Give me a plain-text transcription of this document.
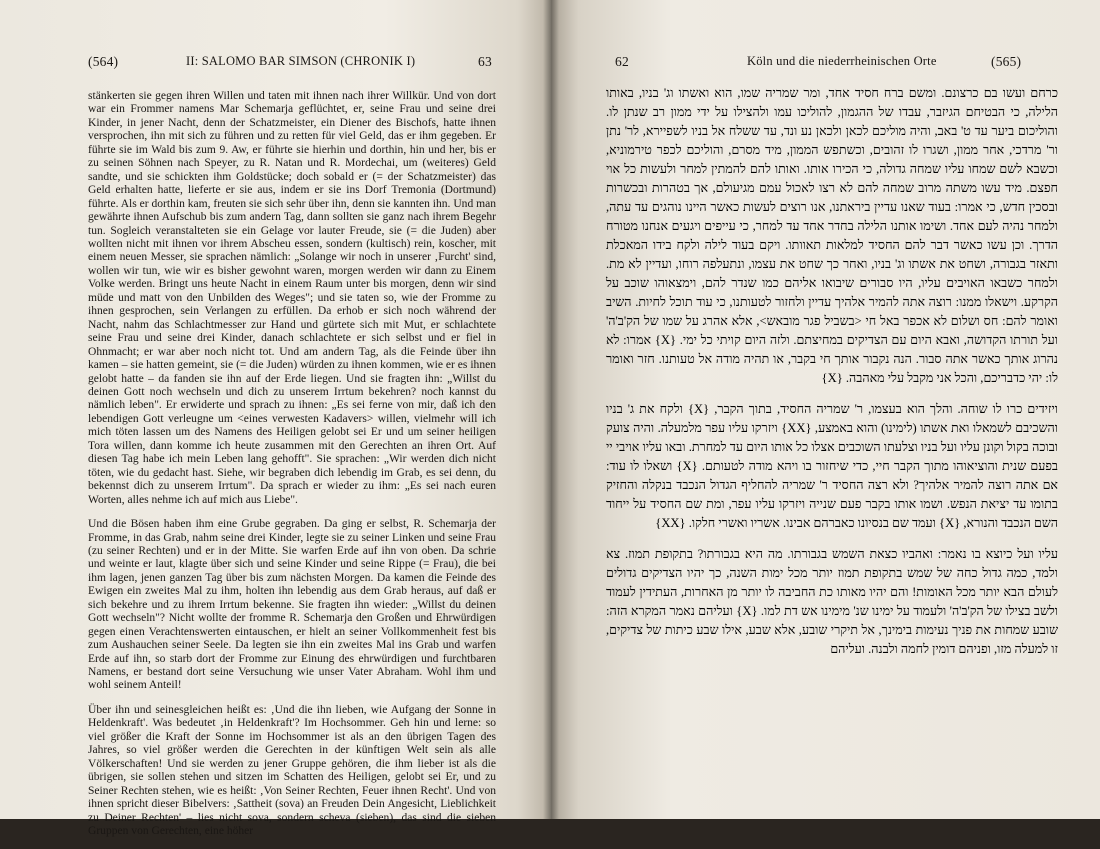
(564)	II: SALOMO BAR SIMSON (CHRONIK I)	63

stänkerten sie gegen ihren Willen und taten mit ihnen nach ihrer Willkür. Und von dort war ein Frommer namens Mar Schemarja geflüchtet, er, seine Frau und seine drei Kinder, in jener Nacht, denn der Schatzmeister, ein Diener des Bischofs, hatte ihnen versprochen, ihn mit sich zu führen und zu retten für viel Geld, das er ihm gegeben. Er führte sie im Wald bis zum 9. Aw, er führte sie hierhin und dorthin, hin und her, bis er zu seinen Söhnen nach Speyer, zu R. Natan und R. Mordechai, um (weiteres) Geld sandte, und sie schickten ihm Goldstücke; doch sobald er (= der Schatzmeister) das Geld erhalten hatte, lieferte er sie aus, indem er sie ins Dorf Tremonia (Dortmund) führte. Als er dorthin kam, freuten sie sich sehr über ihn, denn sie kannten ihn. Und man gewährte ihnen Aufschub bis zum andern Tag, dann sollten sie ganz nach ihrem Begehr tun. Sogleich veranstalteten sie ein Gelage vor lauter Freude, sie (= die Juden) aber wollten nicht mit ihnen vor ihrem Abscheu essen, sondern (kultisch) rein, koscher, mit einem neuen Messer, sie sprachen nämlich: „Solange wir noch in unserer ‚Furcht' sind, wollen wir tun, wie wir es bisher gewohnt waren, morgen werden wir dann zu Einem Volke werden. Bringt uns heute Nacht in einem Raum unter bis morgen, denn wir sind müde und matt von den Unbilden des Weges"; und sie taten so, wie der Fromme zu ihnen gesprochen, sein Verlangen zu erfüllen. Da erhob er sich noch während der Nacht, nahm das Schlachtmesser zur Hand und gürtete sich mit Mut, er schlachtete seine Frau und seine drei Kinder, danach schlachtete er sich selbst und er fiel in Ohnmacht; er war aber noch nicht tot. Und am andern Tag, als die Feinde über ihn kamen – sie hatten gemeint, sie (= die Juden) würden zu ihnen kommen, wie er es ihnen gelobt hatte – da fanden sie ihn auf der Erde liegen. Und sie fragten ihn: „Willst du deinen Gott noch wechseln und dich zu unserem Irrtum bekehren? noch kannst du nämlich leben". Er erwiderte und sprach zu ihnen: „Es sei ferne von mir, daß ich den lebendigen Gott verleugne um <eines verwesten Kadavers> willen, vielmehr will ich mich töten lassen um des Namens des Heiligen gelobt sei Er und um seiner heiligen Tora willen, dann komme ich heute zusammen mit den Gerechten an ihren Ort. Auf diesen Tag habe ich mein Leben lang gehofft". Sie sprachen: „Wir werden dich nicht töten, wie du gedacht hast. Siehe, wir begraben dich lebendig im Grab, es sei denn, du bekennst dich zu unserem Irrtum". Da sprach er wieder zu ihm: „Es sei nach euren Worten, alles nehme ich auf mich aus Liebe".

Und die Bösen haben ihm eine Grube gegraben. Da ging er selbst, R. Schemarja der Fromme, in das Grab, nahm seine drei Kinder, legte sie zu seiner Linken und seine Frau (zu seiner Rechten) und er in der Mitte. Sie warfen Erde auf ihn von oben. Da schrie und weinte er laut, klagte über sich und seine Kinder und seine Rippe (= Frau), die bei ihm lagen, jenen ganzen Tag über bis zum nächsten Morgen. Da kamen die Feinde des Ewigen ein zweites Mal zu ihm, holten ihn lebendig aus dem Grab heraus, auf daß er sich bekehre und zu ihrem Irrtum bekenne. Sie fragten ihn wieder: „Willst du deinen Gott wechseln"? Nicht wollte der fromme R. Schemarja den Großen und Ehrwürdigen gegen einen Verachtenswerten eintauschen, er hielt an seiner Vollkommenheit fest bis zum Aushauchen seiner Seele. Da legten sie ihn ein zweites Mal ins Grab und warfen Erde auf ihn, so starb dort der Fromme zur Einung des ehrwürdigen und furchtbaren Namens, er bestand dort seine Versuchung wie unser Vater Abraham. Wohl ihm und wohl seinem Anteil!

Über ihn und seinesgleichen heißt es: ‚Und die ihn lieben, wie Aufgang der Sonne in Heldenkraft'. Was bedeutet ‚in Heldenkraft'? Im Hochsommer. Geh hin und lerne: so viel größer die Kraft der Sonne im Hochsommer ist als an den übrigen Tagen des Jahres, so viel größer werden die Gerechten in der künftigen Welt sein als alle Völkerschaften! Und sie werden zu jener Gruppe gehören, die ihm lieber ist als die übrigen, sie sollen stehen und sitzen im Schatten des Heiligen, gelobt sei Er, und zu Seiner Rechten stehen, wie es heißt: ‚Von Seiner Rechten, Feuer ihnen Recht'. Und von ihnen spricht dieser Bibelvers: ‚Sattheit (sova) an Freuden Dein Angesicht, Lieblichkeit zu Deiner Rechten' – lies nicht sova, sondern scheva (sieben), das sind die sieben Gruppen von Gerechten, eine höher

62	Köln und die niederrheinischen Orte	(565)

כרחם ועשו בם כרצונם. ומשם ברח חסיד אחד, ומר שמריה שמו, הוא ואשתו וג' בניו, באותו הלילה, כי הבטיחם הגיזבר, עבדו של ההגמון, להוליכו עמו ולהצילו על ידי ממון רב שנתן לו. והוליכום ביער עד ט' באב, והיה מוליכם לכאן ולכאן נע ונד, עד ששלח אל בניו לשפיירא, לר' נתן ור' מרדכי, אחר ממון, ושגרו לו זהובים, וכשתפש הממון, מיד מסרם, והוליכם לכפר טירמוניא, וכשבא לשם שמחו עליו שמחה גדולה, כי הכירו אותו. ואותו להם להמתין למחר ולעשות כל אוי חפצם. מיד עשו משתה מרוב שמחה להם לא רצו לאכול עמם מגיעולם, אך בטהרות ובכשרות ובסכין חדש, כי אמרו: בעוד שאנו עדיין ביראתנו, אנו רוצים לעשות כאשר היינו נוהגים עד עתה, ולמחר נהיה לעם אחד. ושימו אותנו הלילה בחדר אחד עד למחר, כי עייפים ויגעים אנחנו מטורח הדרך. וכן עשו כאשר דבר להם החסיד למלאות תאוותו. ויקם בעוד לילה ולקח בידו המאכלת ותאזר בגבורה, ושחט את אשתו וג' בניו, ואחר כך שחט את עצמו, ונתעלפה רוחו, ועדיין לא מת. ולמחר כשבאו האויבים עליו, היו סבורים שיבואו אליהם כמו שנדר להם, וימצאוהו שוכב על הקרקע. וישאלו ממנו: רוצה אתה להמיר אלהיך עדיין ולחזור לטעותנו, כי עוד תוכל לחיות. השיב ואומר להם: חס ושלום לא אכפר באל חי <בשביל פגר מובאש>, אלא אהרג על שמו של הק'ב'ה' ועל תורתו הקדושה, ואבא היום עם הצדיקים במחיצתם. ולזה היום קויתי כל ימי. {X} אמרו: לא נהרוג אותך כאשר אתה סבור. הנה נקבור אותך חי בקבר, או תהיה מודה אל טעותנו. חזר ואומר לו: יהי כדבריכם, והכל אני מקבל עלי מאהבה. {X}

ויזידים כרו לו שוחה. והלך הוא בעצמו, ר' שמריה החסיד, בתוך הקבר, {X} ולקח את ג' בניו והשכיבם לשמאלו ואת אשתו (לימינו) והוא באמצע, {XX} ויזרקו עליו עפר מלמעלה. והיה צועק ובוכה בקול וקונן עליו ועל בניו וצלעתו השוכבים אצלו כל אותו היום עד למחרת. ובאו עליו אויבי יי בפעם שנית והוציאוהו מתוך הקבר חיי, כדי שיחזור בו ויהא מודה לטעותם. {X} ושאלו לו עוד: אם אתה רוצה להמיר אלהיך? ולא רצה החסיד ר' שמריה להחליף הגדול הנכבד בנקלה והחזיק בתומו עד יציאת הנפש. ושמו אותו בקבר פעם שנייה ויזרקו עליו עפר, ומת שם החסיד על ייחוד השם הנכבד והנורא, {X} ועמד שם בנסיונו כאברהם אבינו. אשריו ואשרי חלקו. {XX}

עליו ועל כיוצא בו נאמר: ואהביו כצאת השמש בגבורתו. מה היא בגבורתו? בתקופת תמוז. צא ולמד, כמה גדול כחה של שמש בתקופת תמוז יותר מכל ימות השנה, כך יהיו הצדיקים גדולים לעולם הבא יותר מכל האומות! והם יהיו מאותו כת החביבה לו יותר מן האחרות, העתידין לעמוד ולשב בצילו של הק'ב'ה' ולעמוד על ימינו שנ' מימינו אש דת למו. {X} ועליהם נאמר המקרא הזה: שובע שמחות את פניך נעימות בימינך, אל תיקרי שובע, אלא שבע, אילו שבע כיתות של צדיקים, זו למעלה מזו, ופניהם דומין לחמה ולבנה. ועליהם
